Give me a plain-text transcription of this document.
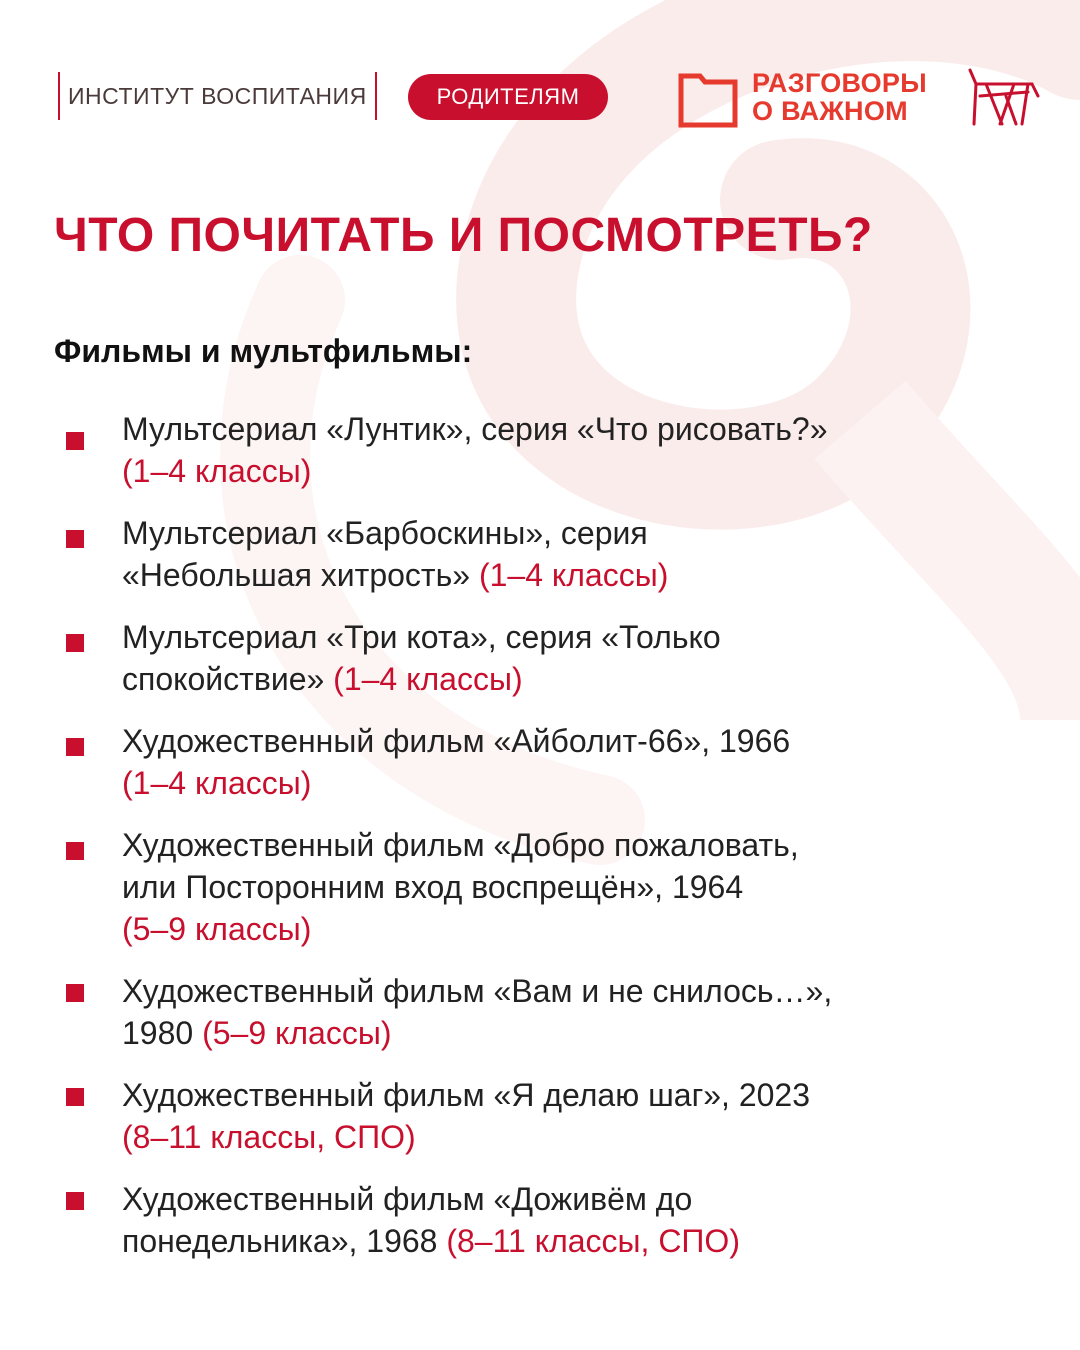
ИНСТИТУТ ВОСПИТАНИЯ	РОДИТЕЛЯМ	РАЗГОВОРЫ
О ВАЖНОМ
ЧТО ПОЧИТАТЬ И ПОСМОТРЕТЬ?
Фильмы и мультфильмы:
Мультсериал «Лунтик», серия «Что рисовать?»
(1–4 классы)
Мультсериал «Барбоскины», серия
«Небольшая хитрость» (1–4 классы)
Мультсериал «Три кота», серия «Только
спокойствие» (1–4 классы)
Художественный фильм «Айболит-66», 1966
(1–4 классы)
Художественный фильм «Добро пожаловать,
или Посторонним вход воспрещён», 1964
(5–9 классы)
Художественный фильм «Вам и не снилось…»,
1980 (5–9 классы)
Художественный фильм «Я делаю шаг», 2023
(8–11 классы, СПО)
Художественный фильм «Доживём до
понедельника», 1968 (8–11 классы, СПО)
